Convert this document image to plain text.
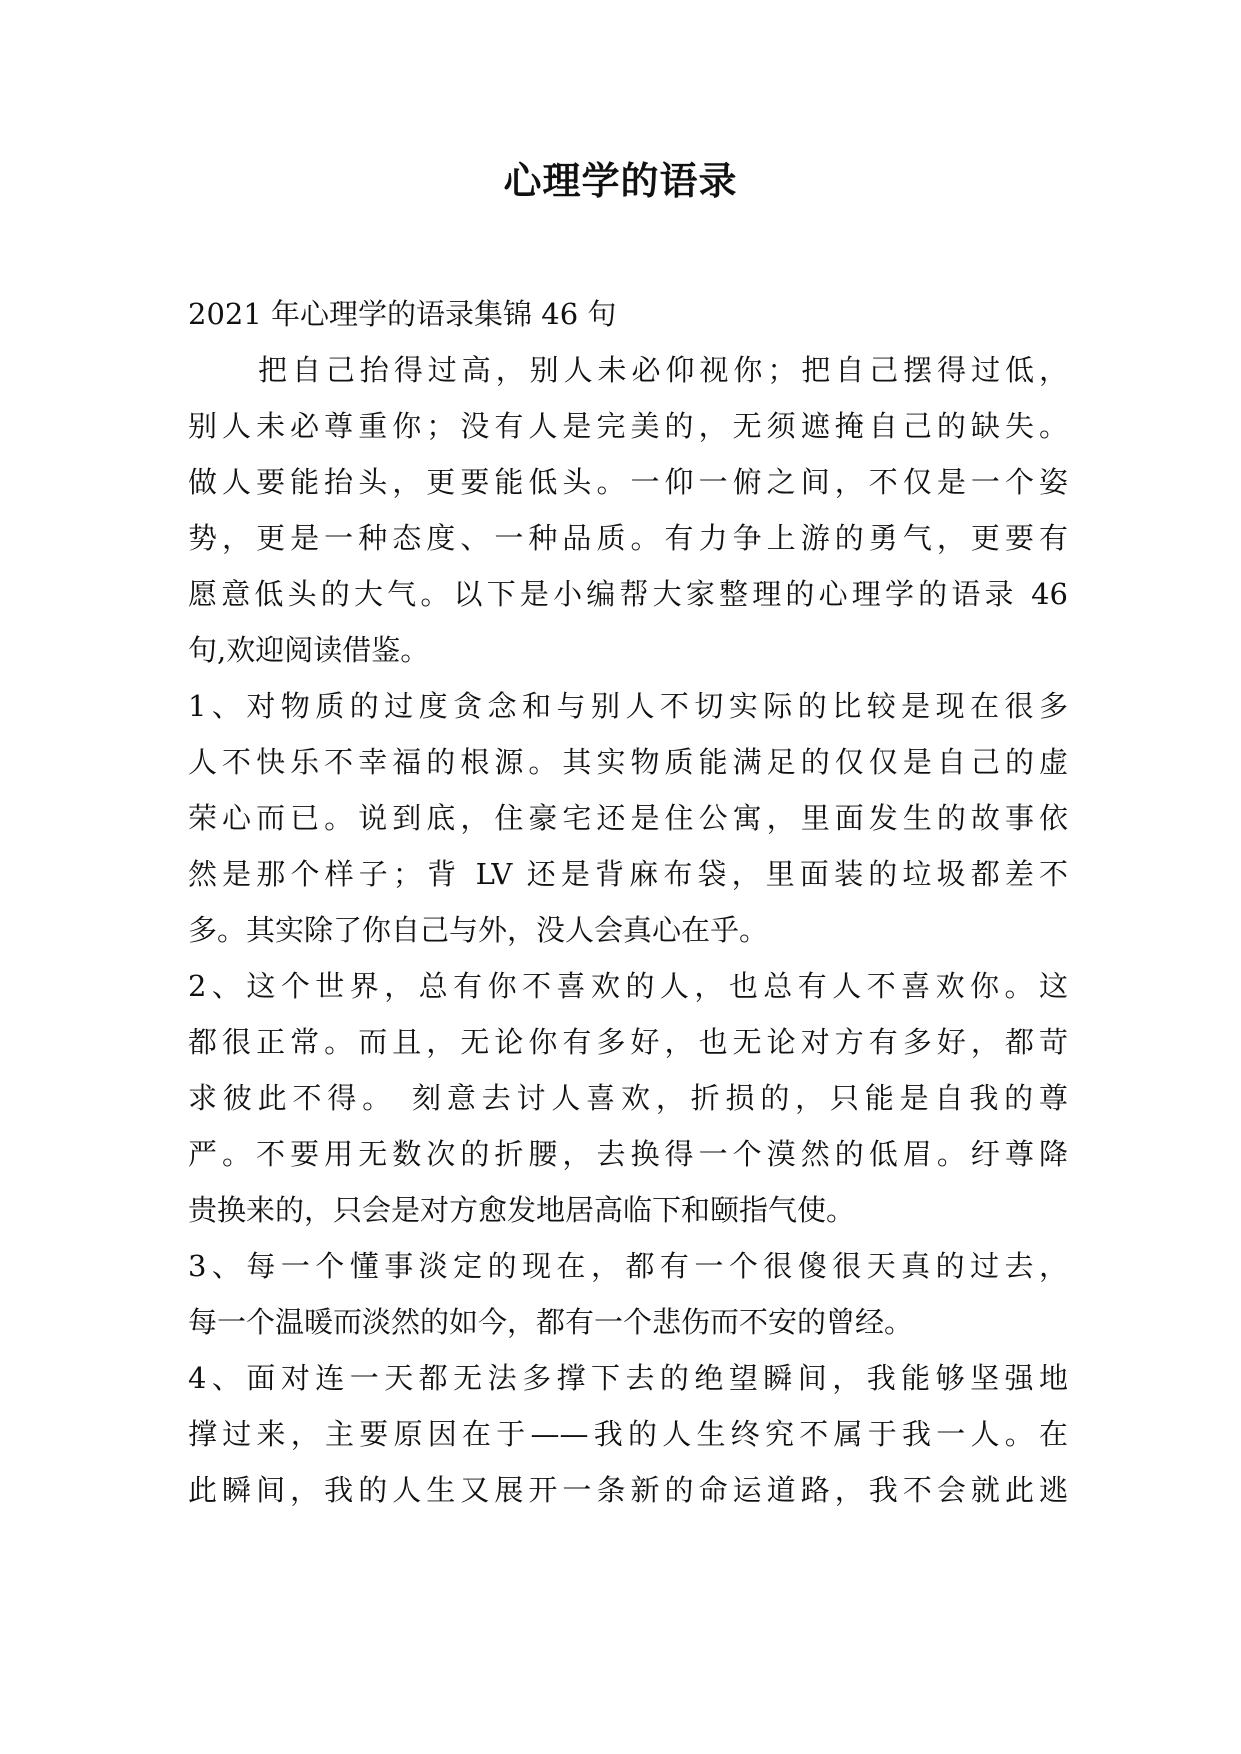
心理学的语录
2021 年心理学的语录集锦 46 句
把自己抬得过高，别人未必仰视你；把自己摆得过低，
别人未必尊重你；没有人是完美的，无须遮掩自己的缺失。
做人要能抬头，更要能低头。一仰一俯之间，不仅是一个姿
势，更是一种态度、一种品质。有力争上游的勇气，更要有
愿意低头的大气。以下是小编帮大家整理的心理学的语录 46
句,欢迎阅读借鉴。
1、对物质的过度贪念和与别人不切实际的比较是现在很多
人不快乐不幸福的根源。其实物质能满足的仅仅是自己的虚
荣心而已。说到底，住豪宅还是住公寓，里面发生的故事依
然是那个样子；背 LV 还是背麻布袋，里面装的垃圾都差不
多。其实除了你自己与外，没人会真心在乎。
2、这个世界，总有你不喜欢的人，也总有人不喜欢你。这
都很正常。而且，无论你有多好，也无论对方有多好，都苛
求彼此不得。 刻意去讨人喜欢，折损的，只能是自我的尊
严。不要用无数次的折腰，去换得一个漠然的低眉。纡尊降
贵换来的，只会是对方愈发地居高临下和颐指气使。
3、每一个懂事淡定的现在，都有一个很傻很天真的过去，
每一个温暖而淡然的如今，都有一个悲伤而不安的曾经。
4、面对连一天都无法多撑下去的绝望瞬间，我能够坚强地
撑过来，主要原因在于——我的人生终究不属于我一人。在
此瞬间，我的人生又展开一条新的命运道路，我不会就此逃
